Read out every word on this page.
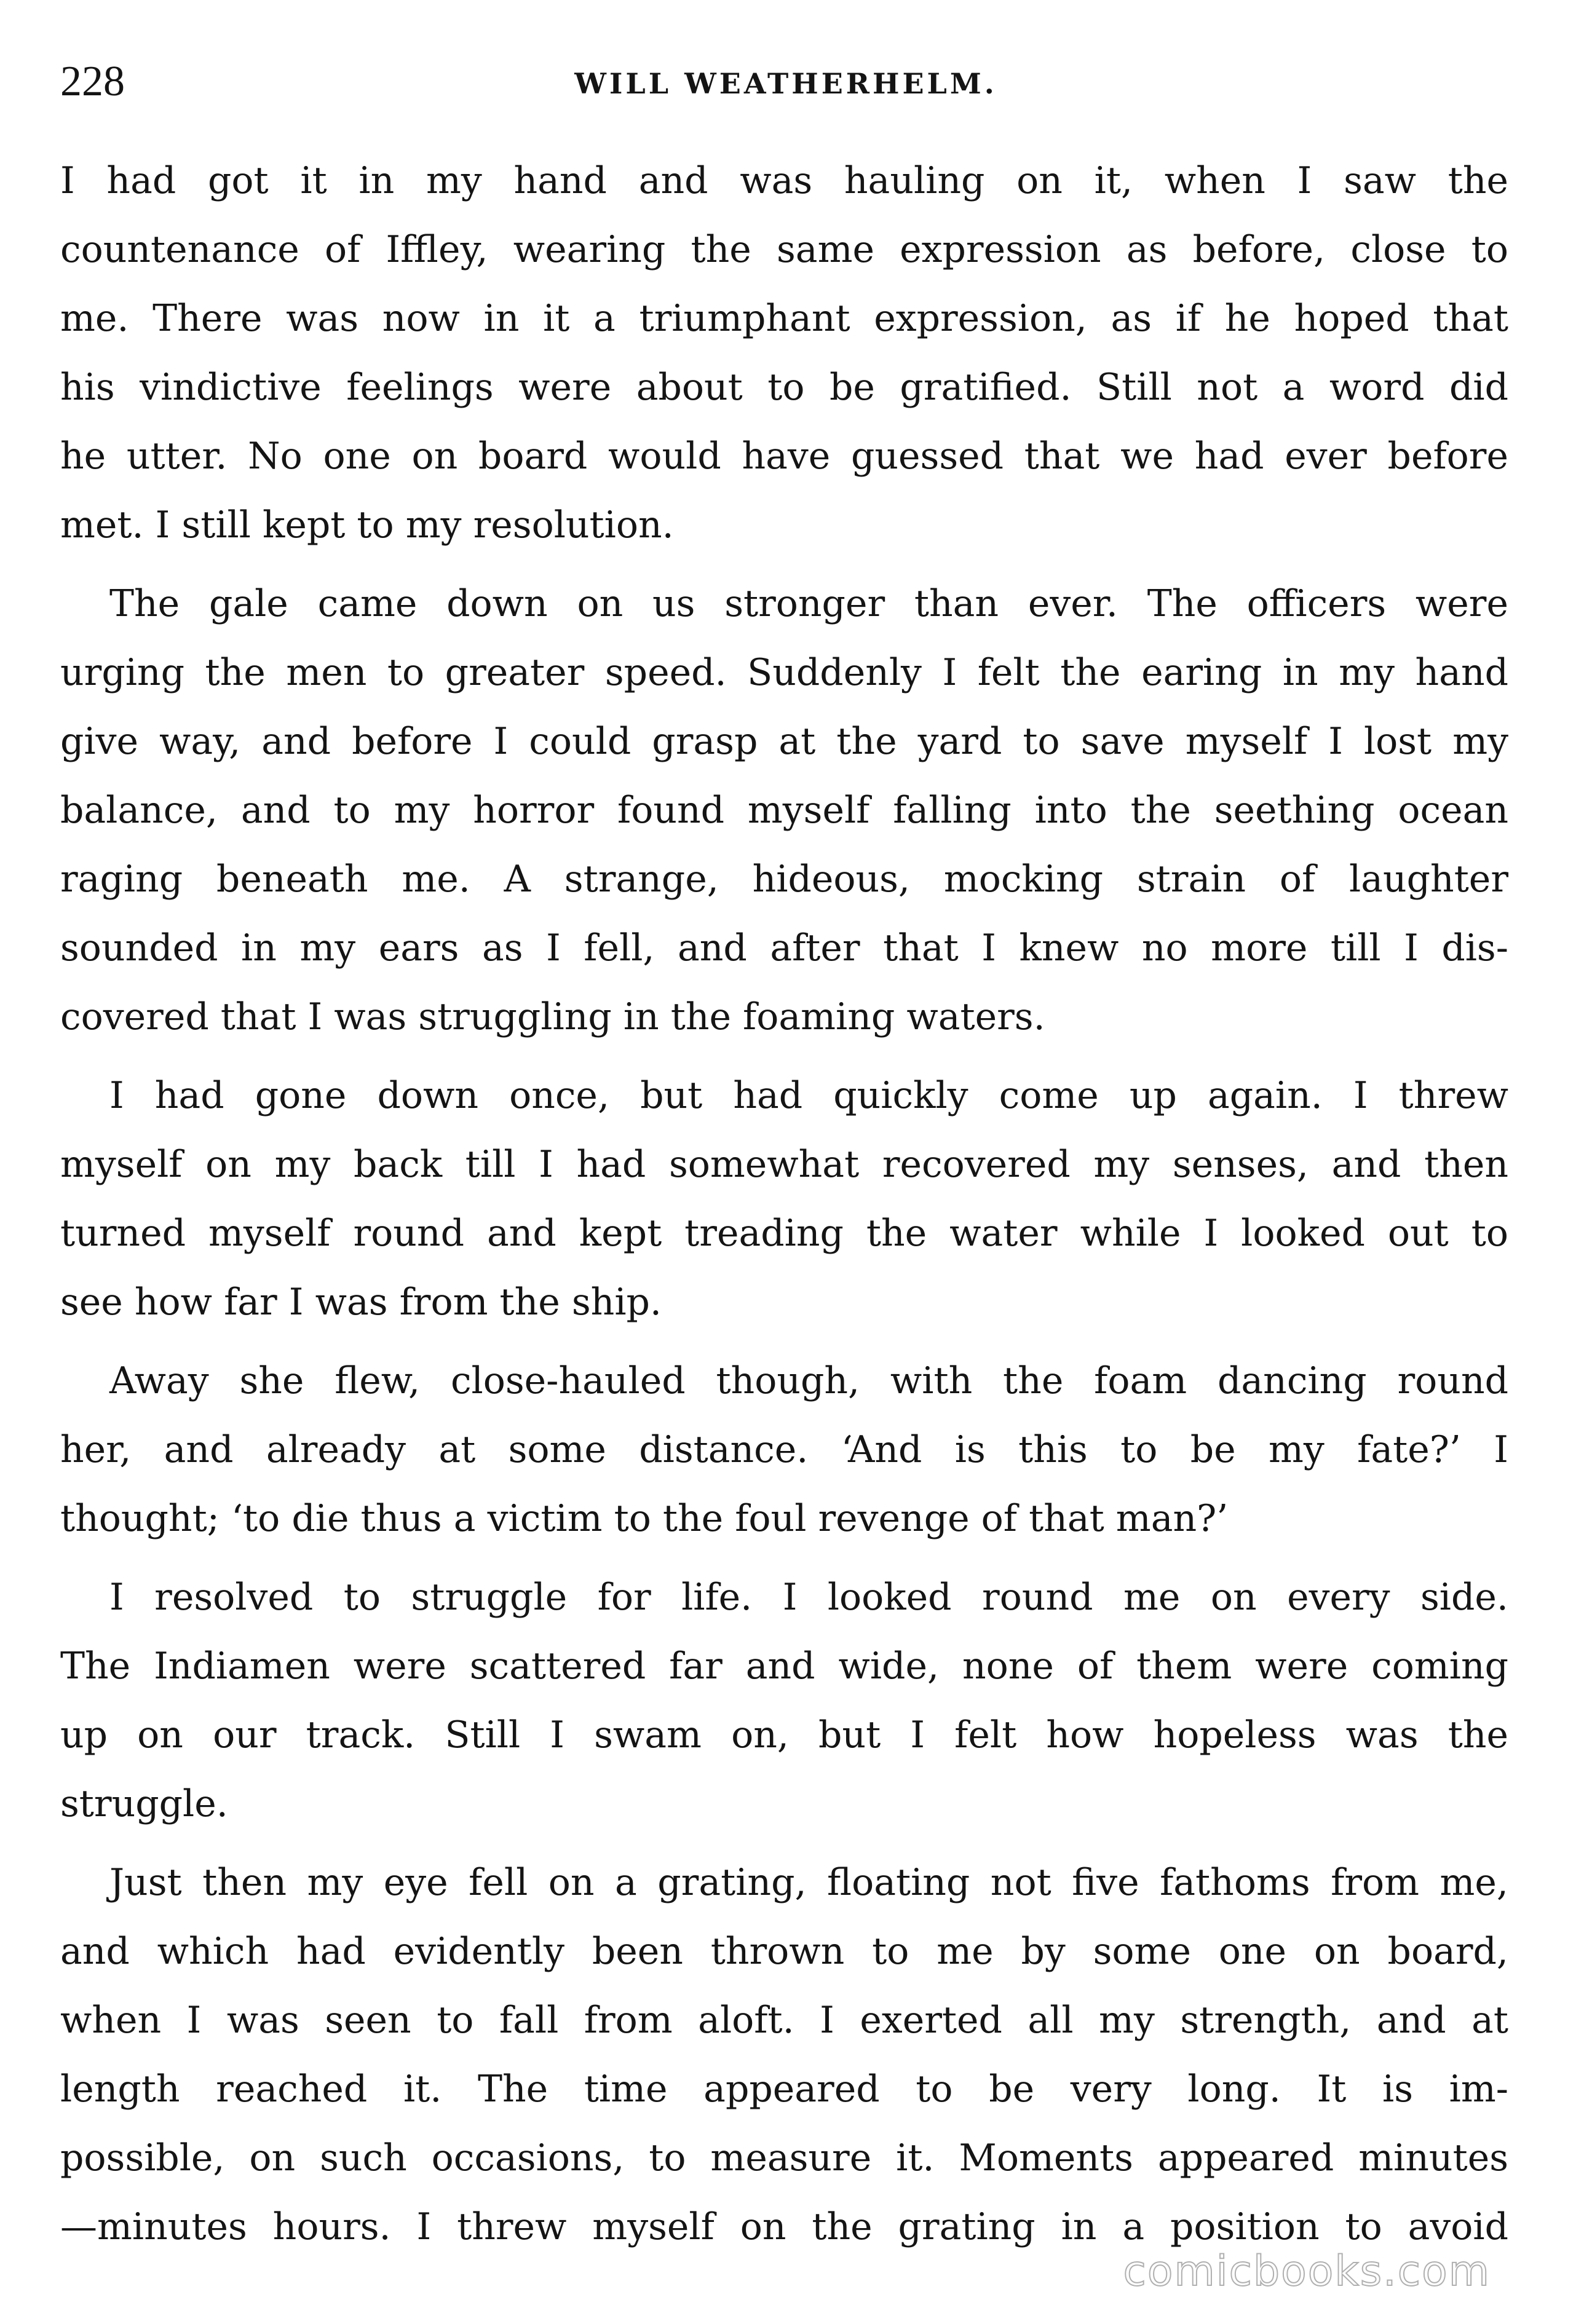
228	WILL WEATHERHELM.

I had got it in my hand and was hauling on it, when I saw the
countenance of Iffley, wearing the same expression as before, close to
me. There was now in it a triumphant expression, as if he hoped that
his vindictive feelings were about to be gratified. Still not a word did
he utter. No one on board would have guessed that we had ever before
met. I still kept to my resolution.

The gale came down on us stronger than ever. The officers were
urging the men to greater speed. Suddenly I felt the earing in my hand
give way, and before I could grasp at the yard to save myself I lost my
balance, and to my horror found myself falling into the seething ocean
raging beneath me. A strange, hideous, mocking strain of laughter
sounded in my ears as I fell, and after that I knew no more till I dis-
covered that I was struggling in the foaming waters.

I had gone down once, but had quickly come up again. I threw
myself on my back till I had somewhat recovered my senses, and then
turned myself round and kept treading the water while I looked out to
see how far I was from the ship.

Away she flew, close-hauled though, with the foam dancing round
her, and already at some distance. ‘And is this to be my fate?’ I
thought; ‘to die thus a victim to the foul revenge of that man?’

I resolved to struggle for life. I looked round me on every side.
The Indiamen were scattered far and wide, none of them were coming
up on our track. Still I swam on, but I felt how hopeless was the
struggle.

Just then my eye fell on a grating, floating not five fathoms from me,
and which had evidently been thrown to me by some one on board,
when I was seen to fall from aloft. I exerted all my strength, and at
length reached it. The time appeared to be very long. It is im-
possible, on such occasions, to measure it. Moments appeared minutes
—minutes hours. I threw myself on the grating in a position to avoid

comicbooks.com
